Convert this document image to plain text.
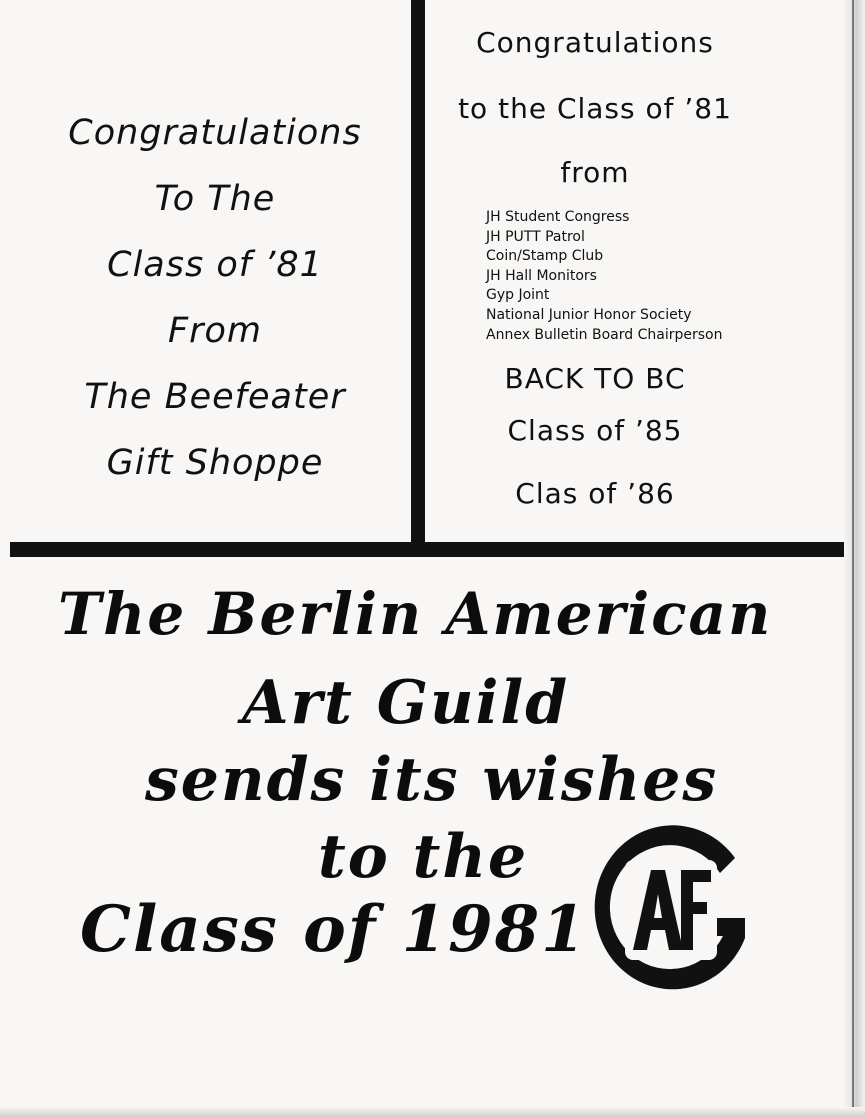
Congratulations
To The
Class of ’81
From
The Beefeater
Gift Shoppe
Congratulations
to the Class of ’81
from
JH Student Congress
JH PUTT Patrol
Coin/Stamp Club
JH Hall Monitors
Gyp Joint
National Junior Honor Society
Annex Bulletin Board Chairperson
BACK TO BC
Class of ’85
Clas of ’86
The Berlin American
Art Guild
sends its wishes
to the
Class of 1981
